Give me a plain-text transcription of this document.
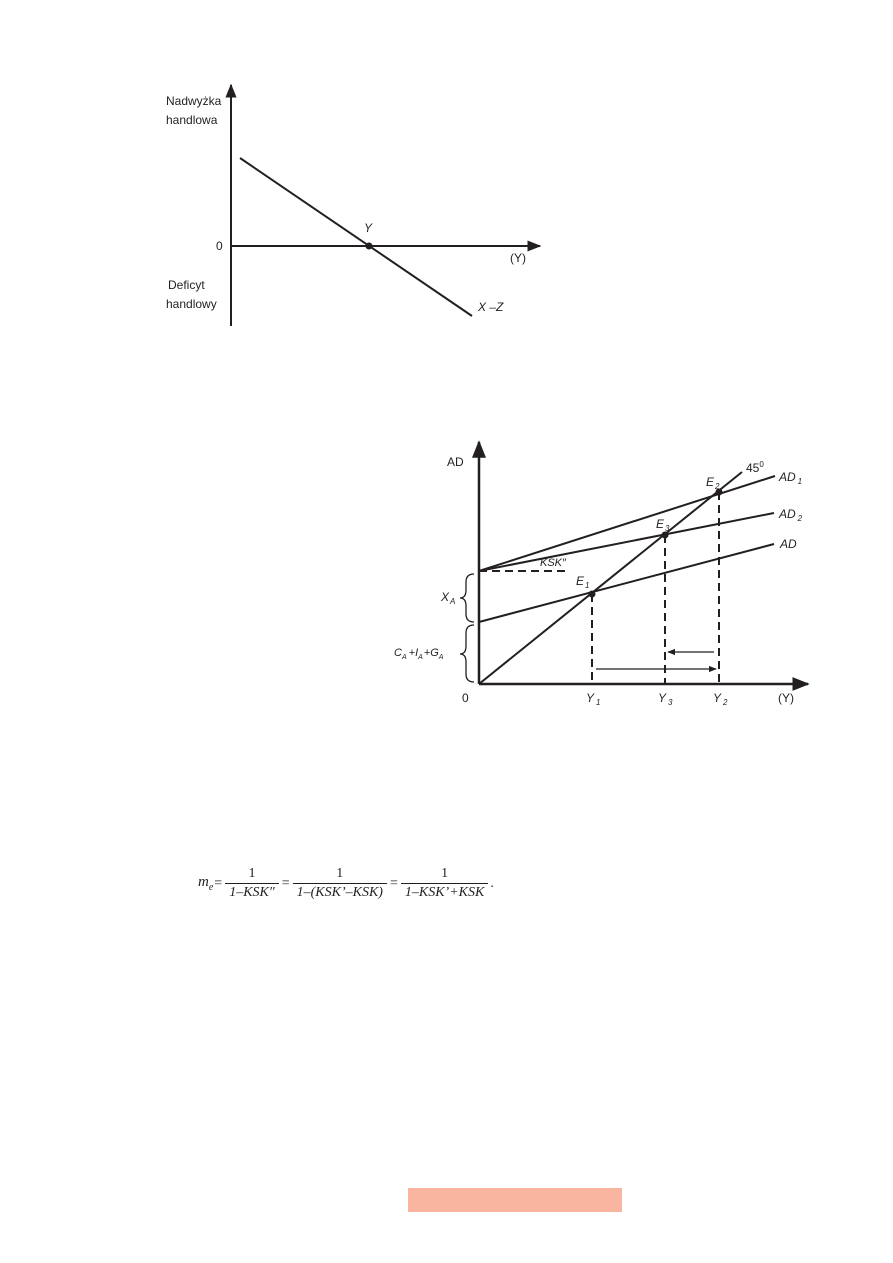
Nadwyżka
handlowa
0
Deficyt
handlowy
(Y)
Y
X –Z
AD
0	(Y)
$45^0$
AD $_1$
AD $_2$
AD
$E_2$
$E_3$
$E_1$
KSK″
$X_A$
$C_A +I_A+G_A$
Y $_1$	Y $_3$	Y $_2$
$m_e = \frac{1}{\text{1–KSK″}} = \frac{1}{\text{1–(KSK’–KSK)}} = \frac{1}{\text{1–KSK’+KSK}}$ .
